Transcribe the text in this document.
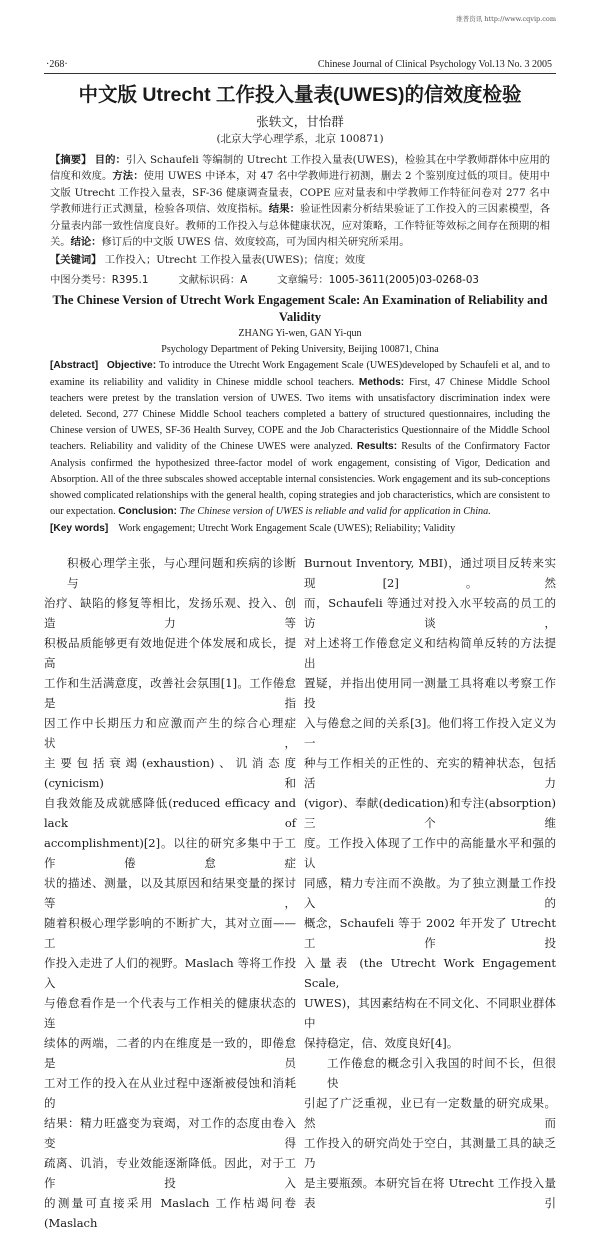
维普资讯 http://www.cqvip.com
·268·	Chinese Journal of Clinical Psychology Vol.13 No. 3 2005
中文版 Utrecht 工作投入量表(UWES)的信效度检验
张轶文，甘怡群
(北京大学心理学系，北京 100871)
【摘要】 目的：引入 Schaufeli 等编制的 Utrecht 工作投入量表(UWES)，检验其在中学教师群体中应用的信度和效度。方法：使用 UWES 中译本，对 47 名中学教师进行初测，删去 2 个鉴别度过低的项目。使用中文版 Utrecht 工作投入量表，SF-36 健康调查量表，COPE 应对量表和中学教师工作特征问卷对 277 名中学教师进行正式测量，检验各项信、效度指标。结果：验证性因素分析结果验证了工作投入的三因素模型，各分量表内部一致性信度良好。教师的工作投入与总体健康状况，应对策略，工作特征等效标之间存在预期的相关。结论：修订后的中文版 UWES 信、效度较高，可为国内相关研究所采用。
【关键词】 工作投入；Utrecht 工作投入量表(UWES)；信度；效度
中图分类号：R395.1	文献标识码：A	文章编号：1005-3611(2005)03-0268-03
The Chinese Version of Utrecht Work Engagement Scale: An Examination of Reliability and Validity
ZHANG Yi-wen, GAN Yi-qun
Psychology Department of Peking University, Beijing 100871, China
[Abstract] Objective: To introduce the Utrecht Work Engagement Scale (UWES)developed by Schaufeli et al, and to examine its reliability and validity in Chinese middle school teachers. Methods: First, 47 Chinese Middle School teachers were pretest by the translation version of UWES. Two items with unsatisfactory discrimination index were deleted. Second, 277 Chinese Middle School teachers completed a battery of structured questionnaires, including the Chinese version of UWES, SF-36 Health Survey, COPE and the Job Characteristics Questionnaire of the Middle School teachers. Reliability and validity of the Chinese UWES were analyzed. Results: Results of the Confirmatory Factor Analysis confirmed the hypothesized three-factor model of work engagement, consisting of Vigor, Dedication and Absorption. All of the three subscales showed acceptable internal consistencies. Work engagement and its sub-conceptions showed complicated relationships with the general health, coping strategies and job characteristics, which are consistent to our expectation. Conclusion: The Chinese version of UWES is reliable and valid for application in China.
[Key words] Work engagement; Utrecht Work Engagement Scale (UWES); Reliability; Validity
积极心理学主张，与心理问题和疾病的诊断与
治疗、缺陷的修复等相比，发扬乐观、投入、创造力等
积极品质能够更有效地促进个体发展和成长，提高
工作和生活满意度，改善社会氛围[1]。工作倦怠是指
因工作中长期压力和应激而产生的综合心理症状，
主要包括衰竭(exhaustion)、讥消态度(cynicism)和
自我效能及成就感降低(reduced efficacy and lack of
accomplishment)[2]。以往的研究多集中于工作倦怠症
状的描述、测量，以及其原因和结果变量的探讨等，
随着积极心理学影响的不断扩大，其对立面——工
作投入走进了人们的视野。Maslach 等将工作投入
与倦怠看作是一个代表与工作相关的健康状态的连
续体的两端，二者的内在维度是一致的，即倦怠是员
工对工作的投入在从业过程中逐渐被侵蚀和消耗的
结果：精力旺盛变为衰竭，对工作的态度由卷入变得
疏离、讥消，专业效能逐渐降低。因此，对于工作投入
的测量可直接采用 Maslach 工作枯竭问卷(Maslach
Burnout Inventory, MBI)，通过项目反转来实现[2]。然
而，Schaufeli 等通过对投入水平较高的员工的访谈，
对上述将工作倦怠定义和结构简单反转的方法提出
置疑，并指出使用同一测量工具将难以考察工作投
入与倦怠之间的关系[3]。他们将工作投入定义为一
种与工作相关的正性的、充实的精神状态，包括活力
(vigor)、奉献(dedication)和专注(absorption)三个维
度。工作投入体现了工作中的高能量水平和强的认
同感，精力专注而不涣散。为了独立测量工作投入的
概念，Schaufeli 等于 2002 年开发了 Utrecht 工作投
入量表 (the Utrecht Work Engagement Scale,
UWES)，其因素结构在不同文化、不同职业群体中
保持稳定，信、效度良好[4]。
工作倦怠的概念引入我国的时间不长，但很快
引起了广泛重视，业已有一定数量的研究成果。然而
工作投入的研究尚处于空白，其测量工具的缺乏乃
是主要瓶颈。本研究旨在将 Utrecht 工作投入量表引
